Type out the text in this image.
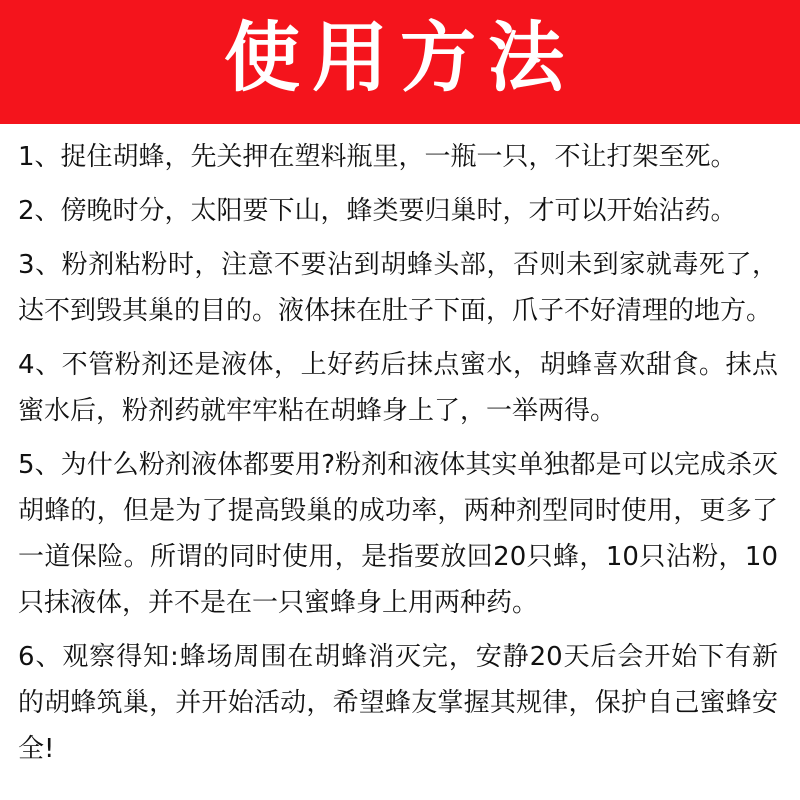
使用方法

1、捉住胡蜂，先关押在塑料瓶里，一瓶一只，不让打架至死。

2、傍晚时分，太阳要下山，蜂类要归巢时，才可以开始沾药。

3、粉剂粘粉时，注意不要沾到胡蜂头部，否则未到家就毒死了，达不到毁其巢的目的。液体抹在肚子下面，爪子不好清理的地方。

4、不管粉剂还是液体，上好药后抹点蜜水，胡蜂喜欢甜食。抹点蜜水后，粉剂药就牢牢粘在胡蜂身上了，一举两得。

5、为什么粉剂液体都要用?粉剂和液体其实单独都是可以完成杀灭胡蜂的，但是为了提高毁巢的成功率，两种剂型同时使用，更多了一道保险。所谓的同时使用，是指要放回20只蜂，10只沾粉，10只抹液体，并不是在一只蜜蜂身上用两种药。

6、观察得知:蜂场周围在胡蜂消灭完，安静20天后会开始下有新的胡蜂筑巢，并开始活动，希望蜂友掌握其规律，保护自己蜜蜂安全!
